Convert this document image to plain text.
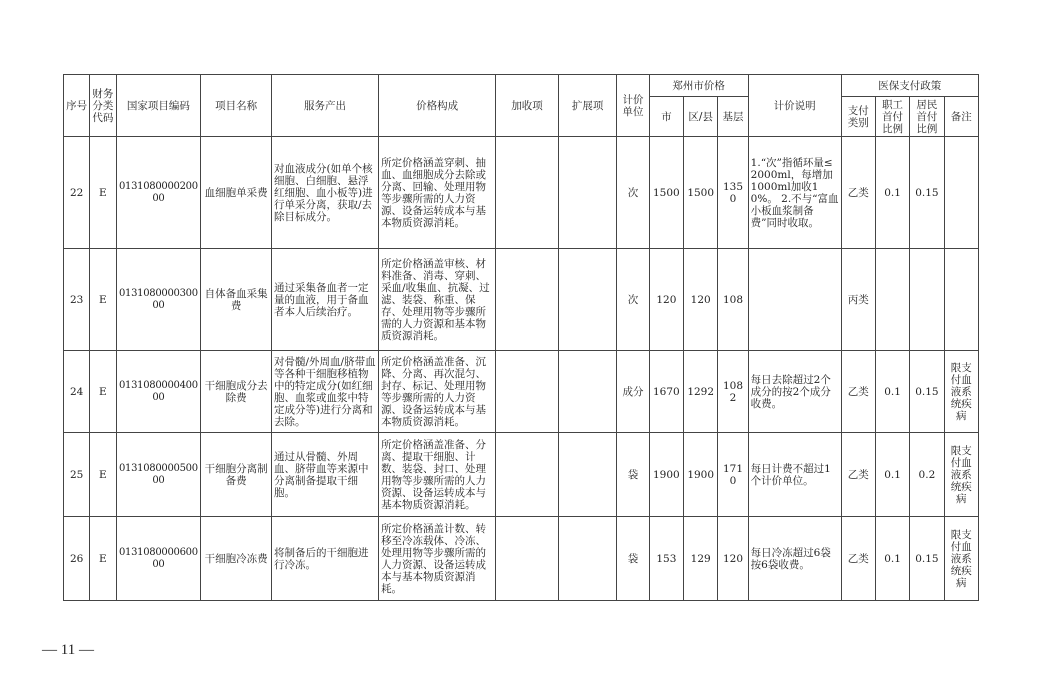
序号	财务分类代码	国家项目编码	项目名称	服务产出	价格构成	加收项	扩展项	计价单位	郑州市价格			计价说明	医保支付政策			
									市	区/县	基层		支付类别	职工首付比例	居民首付比例	备注
22	E	013108000020000	血细胞单采费	对血液成分(如单个核细胞、白细胞、悬浮红细胞、血小板等)进行单采分离，获取/去除目标成分。	所定价格涵盖穿刺、抽血、血细胞成分去除或分离、回输、处理用物等步骤所需的人力资源、设备运转成本与基本物质资源消耗。			次	1500	1500	1350	1.“次”指循环量≤2000ml，每增加1000ml加收10%。 2.不与“富血小板血浆制备费”同时收取。	乙类	0.1	0.15	
23	E	013108000030000	自体备血采集费	通过采集备血者一定量的血液，用于备血者本人后续治疗。	所定价格涵盖审核、材料准备、消毒、穿刺、采血/收集血、抗凝、过滤、装袋、称重、保存、处理用物等步骤所需的人力资源和基本物质资源消耗。			次	120	120	108		丙类			
24	E	013108000040000	干细胞成分去除费	对骨髓/外周血/脐带血等各种干细胞移植物中的特定成分(如红细胞、血浆或血浆中特定成分等)进行分离和去除。	所定价格涵盖准备、沉降、分离、再次混匀、封存、标记、处理用物等步骤所需的人力资源、设备运转成本与基本物质资源消耗。			成分	1670	1292	1082	每日去除超过2个成分的按2个成分收费。	乙类	0.1	0.15	限支付血液系统疾病
25	E	013108000050000	干细胞分离制备费	通过从骨髓、外周血、脐带血等来源中分离制备提取干细胞。	所定价格涵盖准备、分离、提取干细胞、计数、装袋、封口、处理用物等步骤所需的人力资源、设备运转成本与基本物质资源消耗。			袋	1900	1900	1710	每日计费不超过1个计价单位。	乙类	0.1	0.2	限支付血液系统疾病
26	E	013108000060000	干细胞冷冻费	将制备后的干细胞进行冷冻。	所定价格涵盖计数、转移至冷冻载体、冷冻、处理用物等步骤所需的人力资源、设备运转成本与基本物质资源消耗。			袋	153	129	120	每日冷冻超过6袋按6袋收费。	乙类	0.1	0.15	限支付血液系统疾病
— 11 —
